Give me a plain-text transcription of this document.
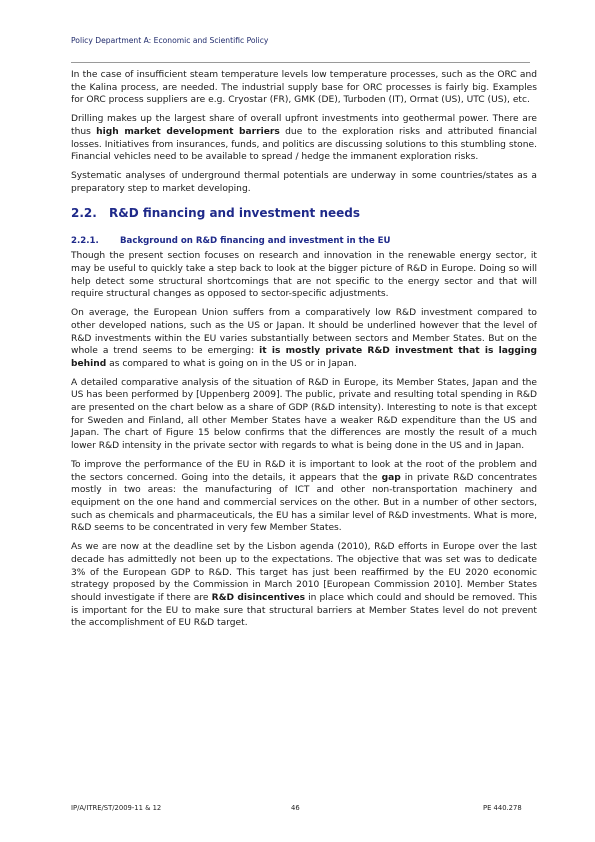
Policy Department A: Economic and Scientific Policy

In the case of insufficient steam temperature levels low temperature processes, such as the ORC and the Kalina process, are needed. The industrial supply base for ORC processes is fairly big. Examples for ORC process suppliers are e.g. Cryostar (FR), GMK (DE), Turboden (IT), Ormat (US), UTC (US), etc.

Drilling makes up the largest share of overall upfront investments into geothermal power. There are thus high market development barriers due to the exploration risks and attributed financial losses. Initiatives from insurances, funds, and politics are discussing solutions to this stumbling stone. Financial vehicles need to be available to spread / hedge the immanent exploration risks.

Systematic analyses of underground thermal potentials are underway in some countries/states as a preparatory step to market developing.

2.2. R&D financing and investment needs
2.2.1. Background on R&D financing and investment in the EU

Though the present section focuses on research and innovation in the renewable energy sector, it may be useful to quickly take a step back to look at the bigger picture of R&D in Europe. Doing so will help detect some structural shortcomings that are not specific to the energy sector and that will require structural changes as opposed to sector-specific adjustments.

On average, the European Union suffers from a comparatively low R&D investment compared to other developed nations, such as the US or Japan. It should be underlined however that the level of R&D investments within the EU varies substantially between sectors and Member States. But on the whole a trend seems to be emerging: it is mostly private R&D investment that is lagging behind as compared to what is going on in the US or in Japan.

A detailed comparative analysis of the situation of R&D in Europe, its Member States, Japan and the US has been performed by [Uppenberg 2009]. The public, private and resulting total spending in R&D are presented on the chart below as a share of GDP (R&D intensity). Interesting to note is that except for Sweden and Finland, all other Member States have a weaker R&D expenditure than the US and Japan. The chart of Figure 15 below confirms that the differences are mostly the result of a much lower R&D intensity in the private sector with regards to what is being done in the US and in Japan.

To improve the performance of the EU in R&D it is important to look at the root of the problem and the sectors concerned. Going into the details, it appears that the gap in private R&D concentrates mostly in two areas: the manufacturing of ICT and other non-transportation machinery and equipment on the one hand and commercial services on the other. But in a number of other sectors, such as chemicals and pharmaceuticals, the EU has a similar level of R&D investments. What is more, R&D seems to be concentrated in very few Member States.

As we are now at the deadline set by the Lisbon agenda (2010), R&D efforts in Europe over the last decade has admittedly not been up to the expectations. The objective that was set was to dedicate 3% of the European GDP to R&D. This target has just been reaffirmed by the EU 2020 economic strategy proposed by the Commission in March 2010 [European Commission 2010]. Member States should investigate if there are R&D disincentives in place which could and should be removed. This is important for the EU to make sure that structural barriers at Member States level do not prevent the accomplishment of EU R&D target.

IP/A/ITRE/ST/2009-11 & 12	46	PE 440.278
